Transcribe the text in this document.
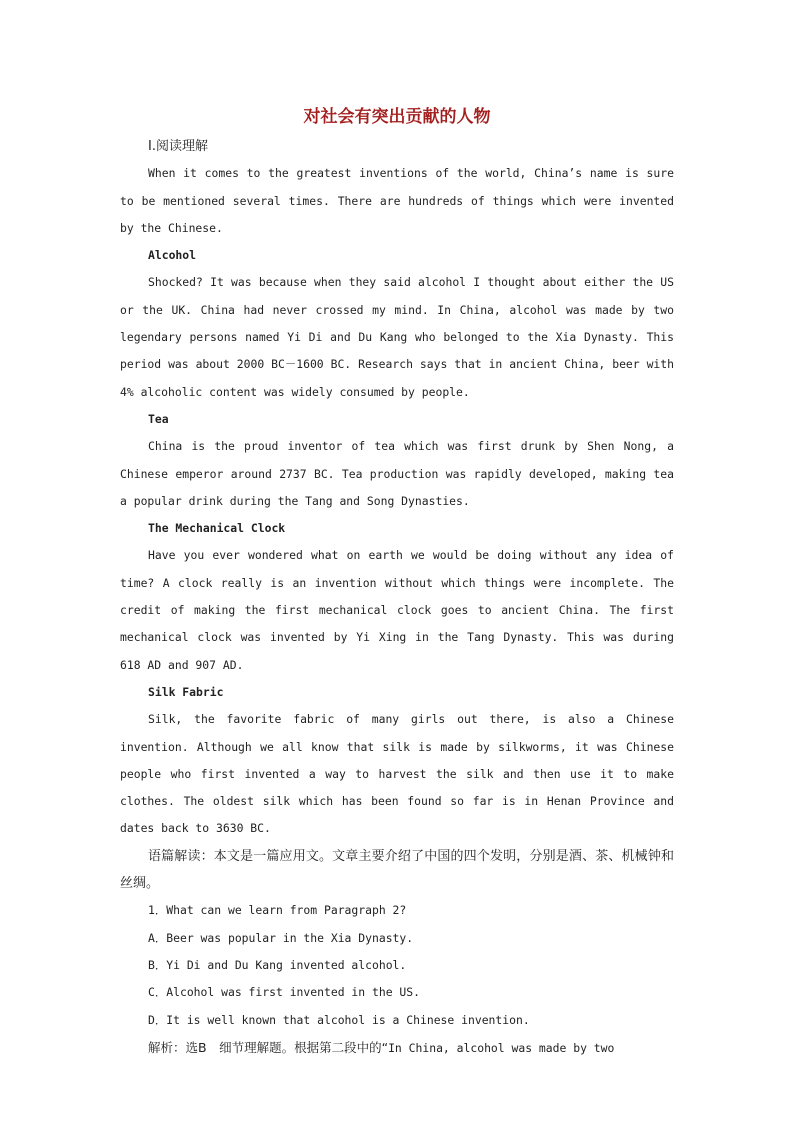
对社会有突出贡献的人物
Ⅰ.阅读理解

When it comes to the greatest inventions of the world, China’s name is sure to be mentioned several times. There are hundreds of things which were invented by the Chinese.

Alcohol

Shocked? It was because when they said alcohol I thought about either the US or the UK. China had never crossed my mind. In China, alcohol was made by two legendary persons named Yi Di and Du Kang who belonged to the Xia Dynasty. This period was about 2000 BC－1600 BC. Research says that in ancient China, beer with 4% alcoholic content was widely consumed by people.

Tea

China is the proud inventor of tea which was first drunk by Shen Nong, a Chinese emperor around 2737 BC. Tea production was rapidly developed, making tea a popular drink during the Tang and Song Dynasties.

The Mechanical Clock

Have you ever wondered what on earth we would be doing without any idea of time? A clock really is an invention without which things were incomplete. The credit of making the first mechanical clock goes to ancient China. The first mechanical clock was invented by Yi Xing in the Tang Dynasty. This was during 618 AD and 907 AD.

Silk Fabric

Silk, the favorite fabric of many girls out there, is also a Chinese invention. Although we all know that silk is made by silkworms, it was Chinese people who first invented a way to harvest the silk and then use it to make clothes. The oldest silk which has been found so far is in Henan Province and dates back to 3630 BC.

语篇解读：本文是一篇应用文。文章主要介绍了中国的四个发明，分别是酒、茶、机械钟和丝绸。

1．What can we learn from Paragraph 2?
A．Beer was popular in the Xia Dynasty.
B．Yi Di and Du Kang invented alcohol.
C．Alcohol was first invented in the US.
D．It is well known that alcohol is a Chinese invention.
解析：选B　细节理解题。根据第二段中的“In China, alcohol was made by two
